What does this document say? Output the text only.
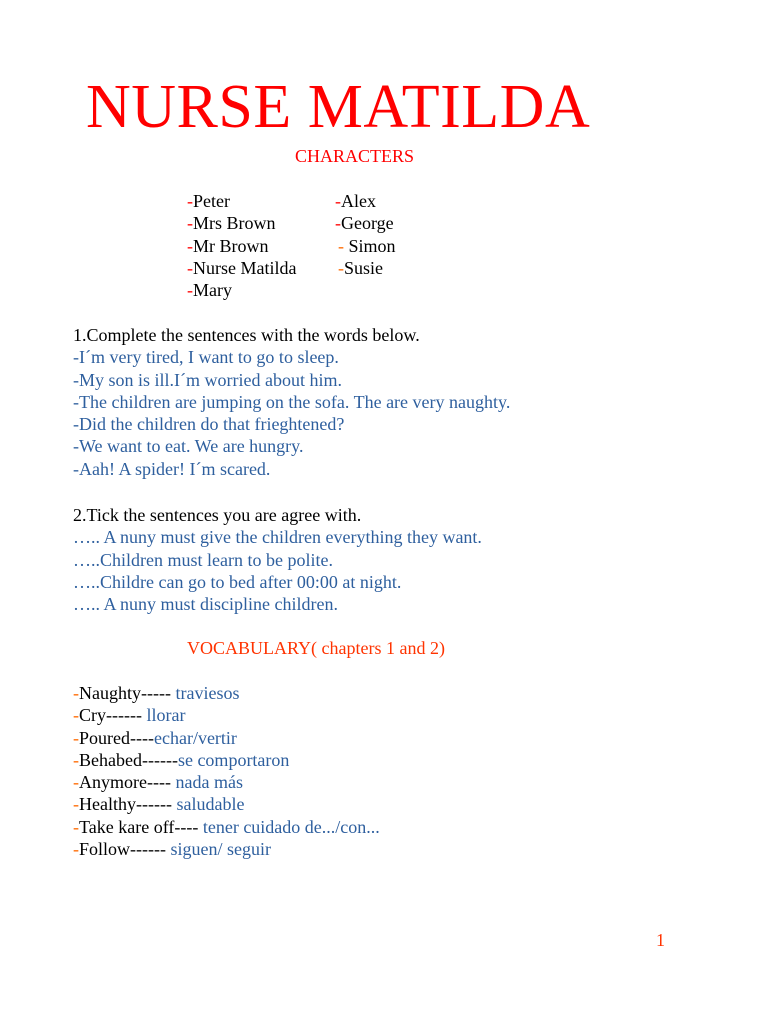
NURSE MATILDA
CHARACTERS
-Peter
-Mrs Brown
-Mr Brown
-Nurse Matilda
-Mary
-Alex
-George
- Simon
-Susie
1.Complete the sentences with the words below.
-I´m very tired, I want to go to sleep.
-My son is ill.I´m worried about him.
-The children are jumping on the sofa. The are very naughty.
-Did the children do that frieghtened?
-We want to eat. We are hungry.
-Aah! A spider! I´m scared.
2.Tick the sentences you are agree with.
….. A nuny must give the children everything they want.
…..Children must learn to be polite.
…..Childre can go to bed after 00:00 at night.
….. A nuny must discipline children.
VOCABULARY( chapters 1 and 2)
-Naughty----- traviesos
-Cry------ llorar
-Poured----echar/vertir
-Behabed------se comportaron
-Anymore---- nada más
-Healthy------ saludable
-Take kare off---- tener cuidado de.../con...
-Follow------ siguen/ seguir
1
